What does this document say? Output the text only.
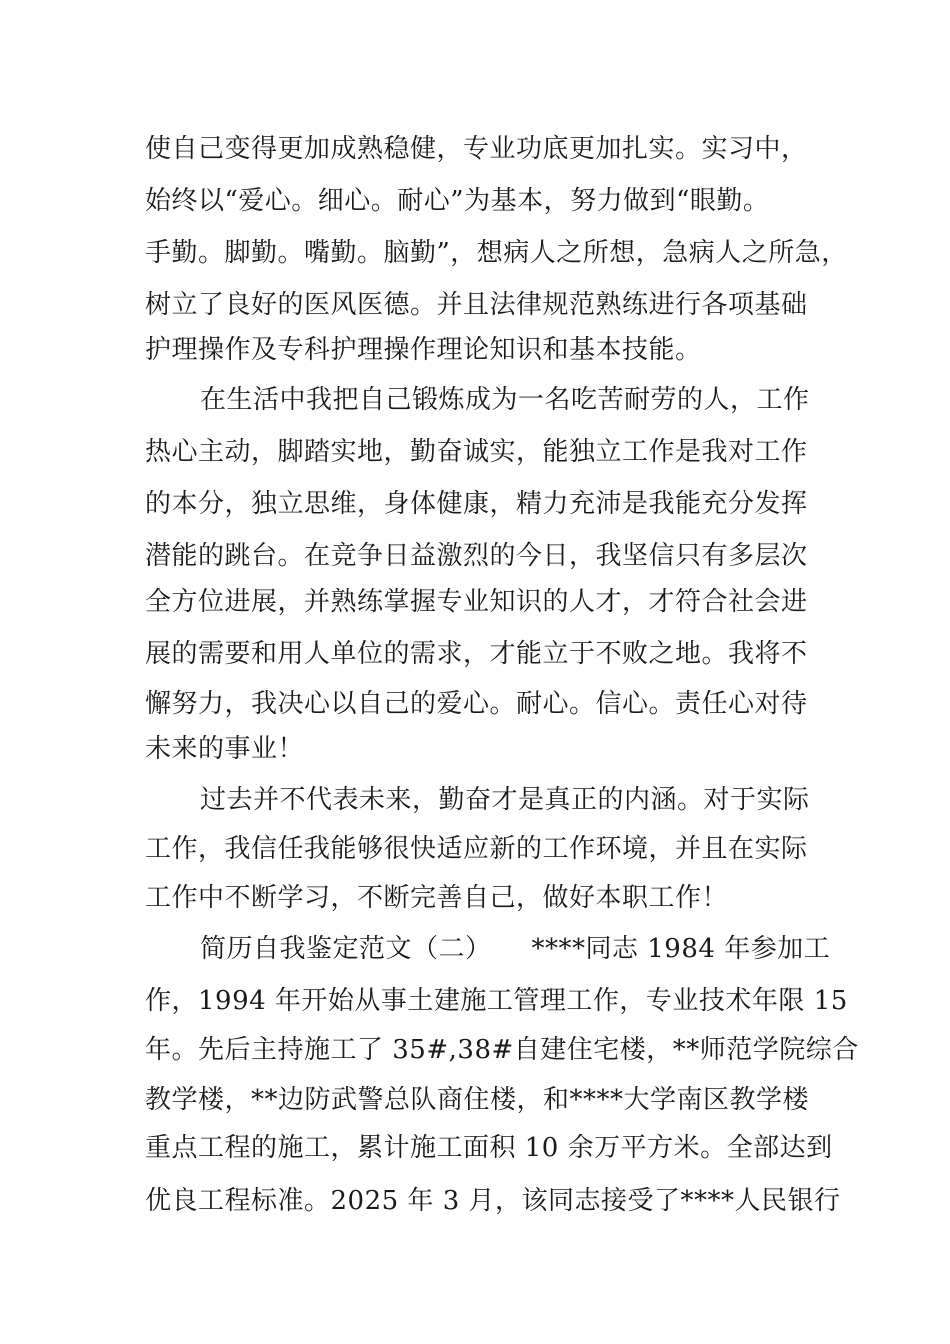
使自己变得更加成熟稳健，专业功底更加扎实。实习中，
始终以“爱心。细心。耐心”为基本，努力做到“眼勤。
手勤。脚勤。嘴勤。脑勤”，想病人之所想，急病人之所急，
树立了良好的医风医德。并且法律规范熟练进行各项基础
护理操作及专科护理操作理论知识和基本技能。
在生活中我把自己锻炼成为一名吃苦耐劳的人，工作
热心主动，脚踏实地，勤奋诚实，能独立工作是我对工作
的本分，独立思维，身体健康，精力充沛是我能充分发挥
潜能的跳台。在竞争日益激烈的今日，我坚信只有多层次
全方位进展，并熟练掌握专业知识的人才，才符合社会进
展的需要和用人单位的需求，才能立于不败之地。我将不
懈努力，我决心以自己的爱心。耐心。信心。责任心对待
未来的事业！
过去并不代表未来，勤奋才是真正的内涵。对于实际
工作，我信任我能够很快适应新的工作环境，并且在实际
工作中不断学习，不断完善自己，做好本职工作！
简历自我鉴定范文（二）　　****同志 1984 年参加工
作，1994 年开始从事土建施工管理工作，专业技术年限 15
年。先后主持施工了 35#,38#自建住宅楼，**师范学院综合
教学楼，**边防武警总队商住楼，和****大学南区教学楼
重点工程的施工，累计施工面积 10 余万平方米。全部达到
优良工程标准。2025 年 3 月，该同志接受了****人民银行
